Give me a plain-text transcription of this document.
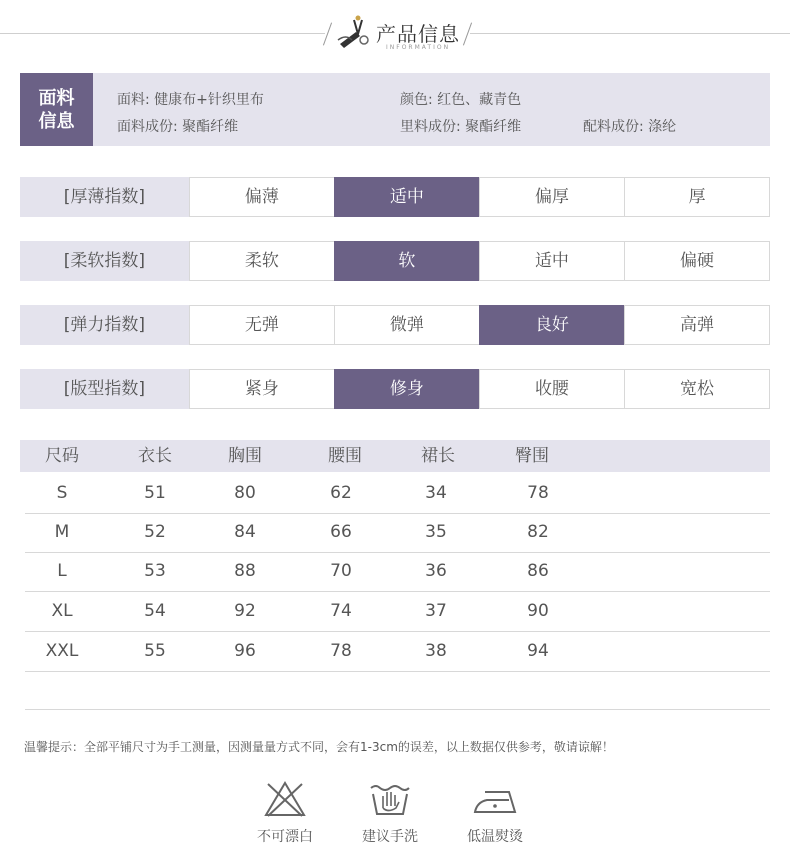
产品信息
INFORMATION
面料
信息
面料: 健康布+针织里布
面料成份: 聚酯纤维
颜色: 红色、藏青色
里料成份: 聚酯纤维	配料成份: 涤纶
[厚薄指数]	偏薄	适中	偏厚	厚
[柔软指数]	柔软	软	适中	偏硬
[弹力指数]	无弹	微弹	良好	高弹
[版型指数]	紧身	修身	收腰	宽松
尺码	衣长	胸围	腰围	裙长	臀围
S	51	80	62	34	78
M	52	84	66	35	82
L	53	88	70	36	86
XL	54	92	74	37	90
XXL	55	96	78	38	94
温馨提示：全部平铺尺寸为手工测量，因测量量方式不同，会有1-3cm的误差，以上数据仅供参考，敬请谅解！
不可漂白	建议手洗	低温熨烫
